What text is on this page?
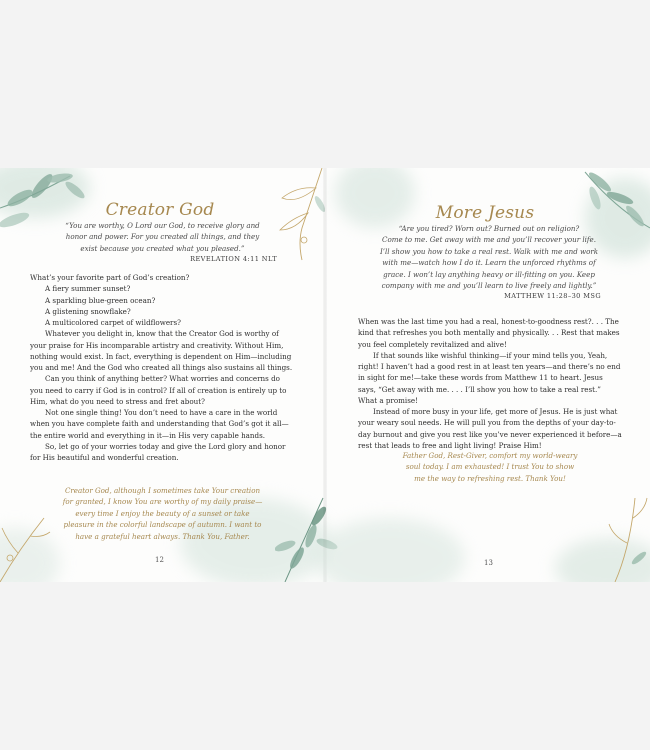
Creator God
“You are worthy, O Lord our God, to receive glory and
honor and power. For you created all things, and they
exist because you created what you pleased.”
REVELATION 4:11 NLT

What’s your favorite part of God’s creation?

A fiery summer sunset?

A sparkling blue-green ocean?

A glistening snowflake?

A multicolored carpet of wildflowers?

Whatever you delight in, know that the Creator God is worthy of your praise for His incomparable artistry and creativity. Without Him, nothing would exist. In fact, everything is dependent on Him—including you and me! And the God who created all things also sustains all things.

Can you think of anything better? What worries and concerns do you need to carry if God is in control? If all of creation is entirely up to Him, what do you need to stress and fret about?

Not one single thing! You don’t need to have a care in the world when you have complete faith and understanding that God’s got it all—the entire world and everything in it—in His very capable hands.

So, let go of your worries today and give the Lord glory and honor for His beautiful and wonderful creation.

Creator God, although I sometimes take Your creation
for granted, I know You are worthy of my daily praise—
every time I enjoy the beauty of a sunset or take
pleasure in the colorful landscape of autumn. I want to
have a grateful heart always. Thank You, Father.
12
More Jesus
“Are you tired? Worn out? Burned out on religion?
Come to me. Get away with me and you’ll recover your life.
I’ll show you how to take a real rest. Walk with me and work
with me—watch how I do it. Learn the unforced rhythms of
grace. I won’t lay anything heavy or ill-fitting on you. Keep
company with me and you’ll learn to live freely and lightly.”
MATTHEW 11:28–30 MSG

When was the last time you had a real, honest-to-goodness rest?. . . The kind that refreshes you both mentally and physically. . . Rest that makes you feel completely revitalized and alive!

If that sounds like wishful thinking—if your mind tells you, Yeah, right! I haven’t had a good rest in at least ten years—and there’s no end in sight for me!—take these words from Matthew 11 to heart. Jesus says, “Get away with me. . . . I’ll show you how to take a real rest.” What a promise!

Instead of more busy in your life, get more of Jesus. He is just what your weary soul needs. He will pull you from the depths of your day-to-day burnout and give you rest like you’ve never experienced it before—a rest that leads to free and light living! Praise Him!

Father God, Rest-Giver, comfort my world-weary
soul today. I am exhausted! I trust You to show
me the way to refreshing rest. Thank You!
13
